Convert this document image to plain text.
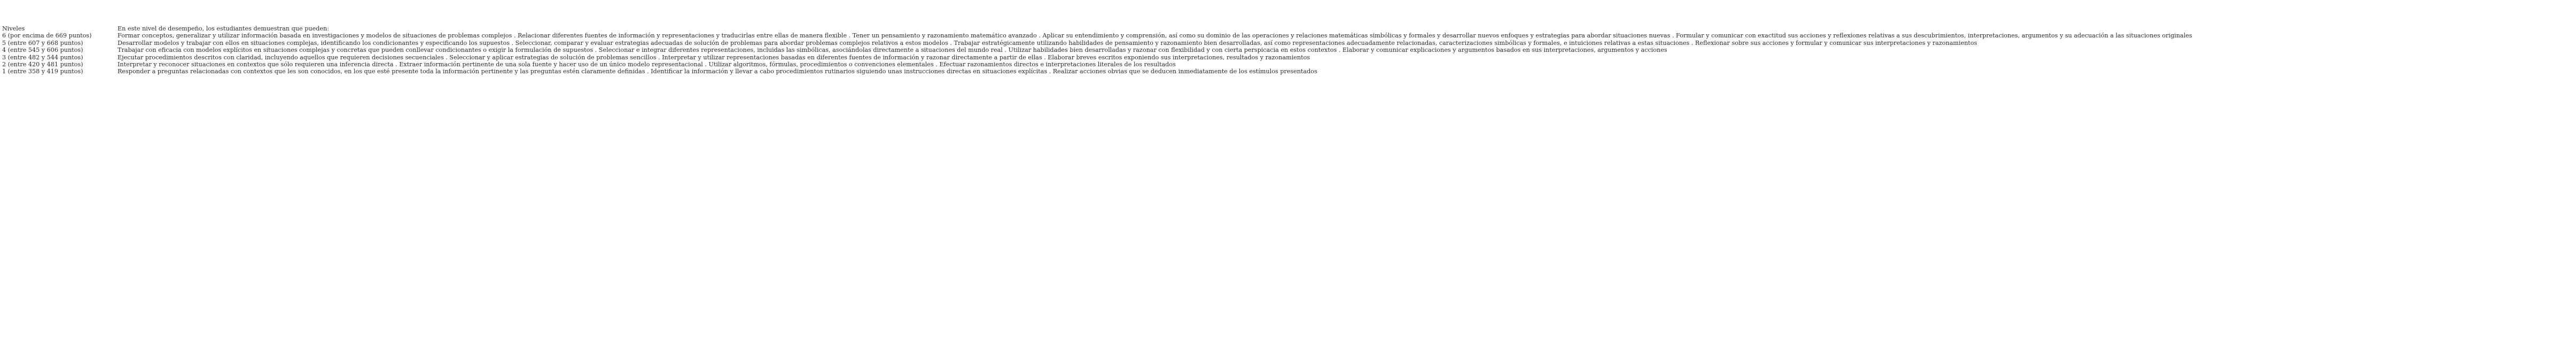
Niveles	En este nivel de desempeño, los estudiantes demuestran que pueden:
6 (por encima de 669 puntos)	Formar conceptos, generalizar y utilizar información basada en investigaciones y modelos de situaciones de problemas complejos . Relacionar diferentes fuentes de información y representaciones y traducirlas entre ellas de manera flexible . Tener un pensamiento y razonamiento matemático avanzado . Aplicar su entendimiento y comprensión, así como su dominio de las operaciones y relaciones matemáticas simbólicas y formales y desarrollar nuevos enfoques y estrategias para abordar situaciones nuevas . Formular y comunicar con exactitud sus acciones y reflexiones relativas a sus descubrimientos, interpretaciones, argumentos y su adecuación a las situaciones originales
5 (entre 607 y 668 puntos)	Desarrollar modelos y trabajar con ellos en situaciones complejas, identificando los condicionantes y especificando los supuestos . Seleccionar, comparar y evaluar estrategias adecuadas de solución de problemas para abordar problemas complejos relativos a estos modelos . Trabajar estratégicamente utilizando habilidades de pensamiento y razonamiento bien desarrolladas, así como representaciones adecuadamente relacionadas, caracterizaciones simbólicas y formales, e intuiciones relativas a estas situaciones . Reflexionar sobre sus acciones y formular y comunicar sus interpretaciones y razonamientos
4 (entre 545 y 606 puntos)	Trabajar con eficacia con modelos explícitos en situaciones complejas y concretas que pueden conllevar condicionantes o exigir la formulación de supuestos . Seleccionar e integrar diferentes representaciones, incluidas las simbólicas, asociándolas directamente a situaciones del mundo real . Utilizar habilidades bien desarrolladas y razonar con flexibilidad y con cierta perspicacia en estos contextos . Elaborar y comunicar explicaciones y argumentos basados en sus interpretaciones, argumentos y acciones
3 (entre 482 y 544 puntos)	Ejecutar procedimientos descritos con claridad, incluyendo aquellos que requieren decisiones secuenciales . Seleccionar y aplicar estrategias de solución de problemas sencillos . Interpretar y utilizar representaciones basadas en diferentes fuentes de información y razonar directamente a partir de ellas . Elaborar breves escritos exponiendo sus interpretaciones, resultados y razonamientos
2 (entre 420 y 481 puntos)	Interpretar y reconocer situaciones en contextos que sólo requieren una inferencia directa . Extraer información pertinente de una sola fuente y hacer uso de un único modelo representacional . Utilizar algoritmos, fórmulas, procedimientos o convenciones elementales . Efectuar razonamientos directos e interpretaciones literales de los resultados
1 (entre 358 y 419 puntos)	Responder a preguntas relacionadas con contextos que les son conocidos, en los que esté presente toda la información pertinente y las preguntas estén claramente definidas . Identificar la información y llevar a cabo procedimientos rutinarios siguiendo unas instrucciones directas en situaciones explícitas . Realizar acciones obvias que se deducen inmediatamente de los estímulos presentados
